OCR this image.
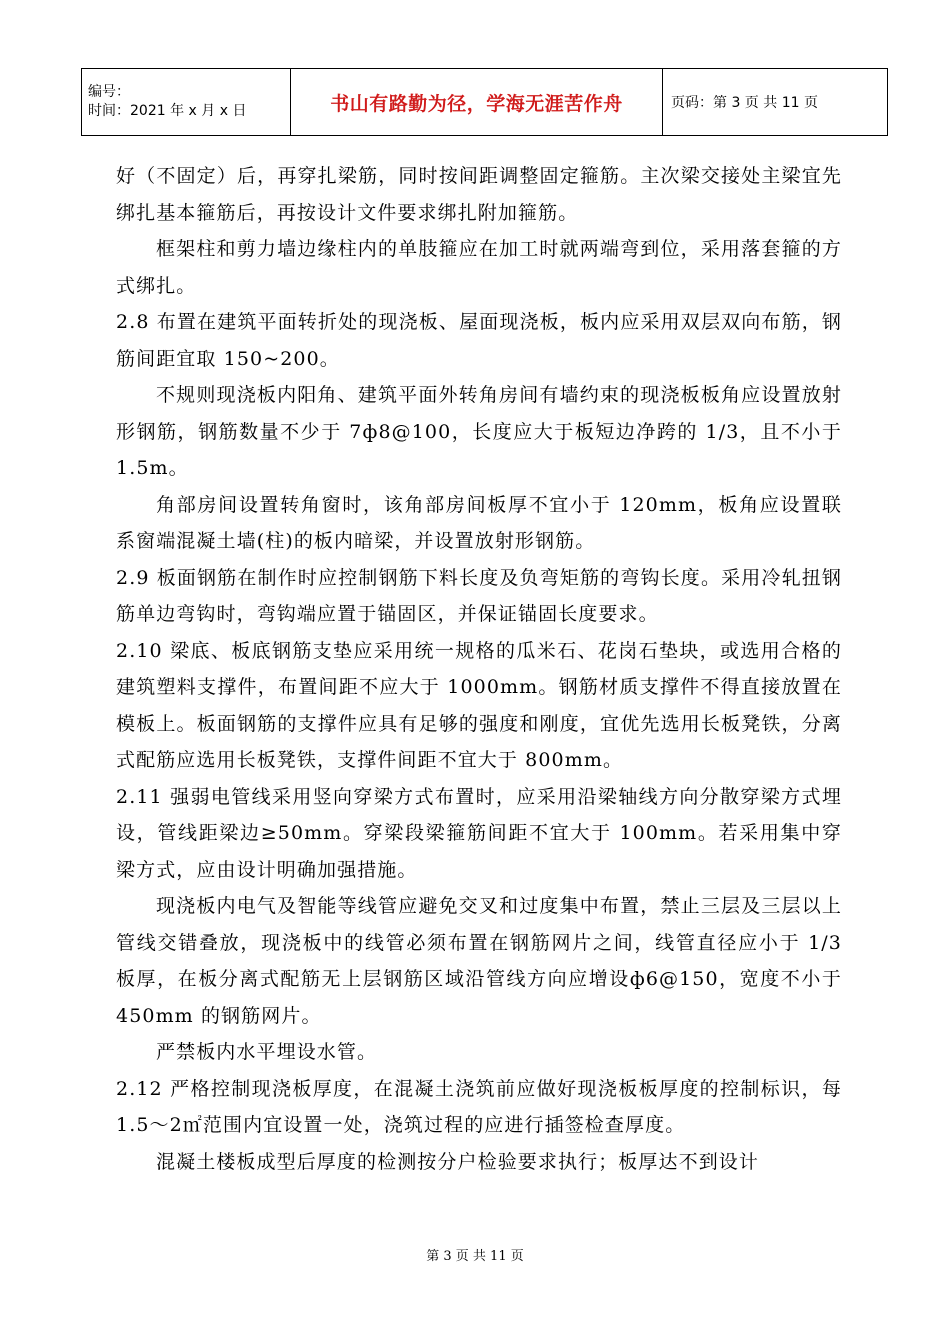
编号：
时间：2021 年 x 月 x 日	书山有路勤为径，学海无涯苦作舟	页码：第 3 页 共 11 页

好（不固定）后，再穿扎梁筋，同时按间距调整固定箍筋。主次梁交接处主梁宜先绑扎基本箍筋后，再按设计文件要求绑扎附加箍筋。

框架柱和剪力墙边缘柱内的单肢箍应在加工时就两端弯到位，采用落套箍的方式绑扎。

2.8 布置在建筑平面转折处的现浇板、屋面现浇板，板内应采用双层双向布筋，钢筋间距宜取 150~200。

不规则现浇板内阳角、建筑平面外转角房间有墙约束的现浇板板角应设置放射形钢筋，钢筋数量不少于 7ф8@100，长度应大于板短边净跨的 1/3，且不小于 1.5m。

角部房间设置转角窗时，该角部房间板厚不宜小于 120mm，板角应设置联系窗端混凝土墙(柱)的板内暗梁，并设置放射形钢筋。

2.9 板面钢筋在制作时应控制钢筋下料长度及负弯矩筋的弯钩长度。采用冷轧扭钢筋单边弯钩时，弯钩端应置于锚固区，并保证锚固长度要求。

2.10 梁底、板底钢筋支垫应采用统一规格的瓜米石、花岗石垫块，或选用合格的建筑塑料支撑件，布置间距不应大于 1000mm。钢筋材质支撑件不得直接放置在模板上。板面钢筋的支撑件应具有足够的强度和刚度，宜优先选用长板凳铁，分离式配筋应选用长板凳铁，支撑件间距不宜大于 800mm。

2.11 强弱电管线采用竖向穿梁方式布置时，应采用沿梁轴线方向分散穿梁方式埋设，管线距梁边≥50mm。穿梁段梁箍筋间距不宜大于 100mm。若采用集中穿梁方式，应由设计明确加强措施。

现浇板内电气及智能等线管应避免交叉和过度集中布置，禁止三层及三层以上管线交错叠放，现浇板中的线管必须布置在钢筋网片之间，线管直径应小于 1/3 板厚，在板分离式配筋无上层钢筋区域沿管线方向应增设ф6@150，宽度不小于 450mm 的钢筋网片。

严禁板内水平埋设水管。

2.12 严格控制现浇板厚度，在混凝土浇筑前应做好现浇板板厚度的控制标识，每 1.5～2㎡范围内宜设置一处，浇筑过程的应进行插签检查厚度。

混凝土楼板成型后厚度的检测按分户检验要求执行；板厚达不到设计

第 3 页 共 11 页
